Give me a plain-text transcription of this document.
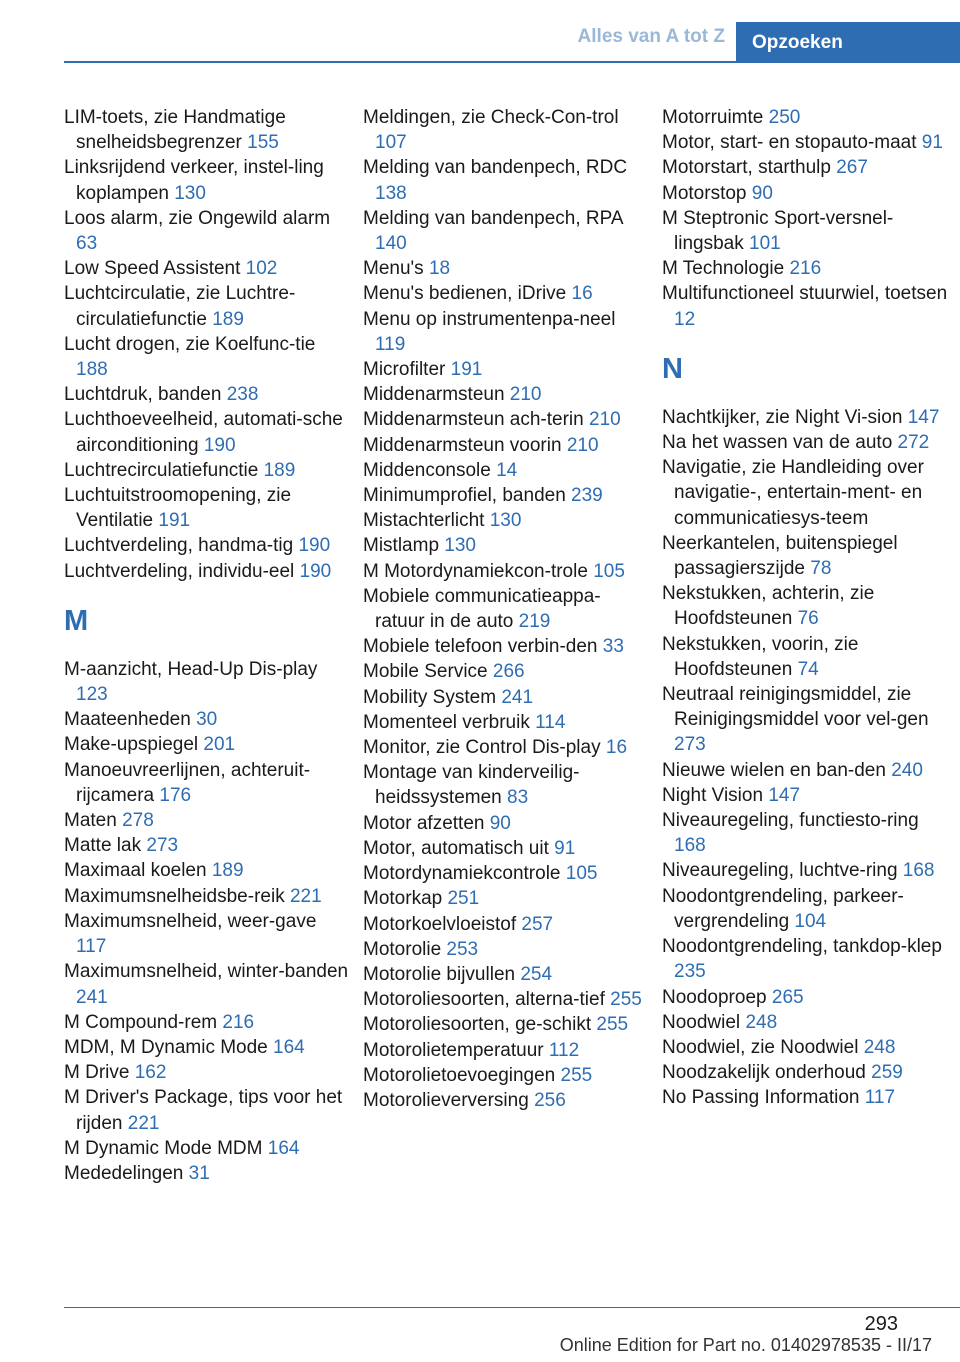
Alles van A tot Z	Opzoeken
LIM-toets, zie Handmatige snelheidsbegrenzer 155
Linksrijdend verkeer, instel-ling koplampen 130
Loos alarm, zie Ongewild alarm 63
Low Speed Assistent 102
Luchtcirculatie, zie Luchtre-circulatiefunctie 189
Lucht drogen, zie Koelfunc-tie 188
Luchtdruk, banden 238
Luchthoeveelheid, automati-sche airconditioning 190
Luchtrecirculatiefunctie 189
Luchtuitstroomopening, zie Ventilatie 191
Luchtverdeling, handma-tig 190
Luchtverdeling, individu-eel 190
M
M-aanzicht, Head-Up Dis-play 123
Maateenheden 30
Make-upspiegel 201
Manoeuvreerlijnen, achteruit-rijcamera 176
Maten 278
Matte lak 273
Maximaal koelen 189
Maximumsnelheidsbe-reik 221
Maximumsnelheid, weer-gave 117
Maximumsnelheid, winter-banden 241
M Compound-rem 216
MDM, M Dynamic Mode 164
M Drive 162
M Driver's Package, tips voor het rijden 221
M Dynamic Mode MDM 164
Mededelingen 31
Meldingen, zie Check-Con-trol 107
Melding van bandenpech, RDC 138
Melding van bandenpech, RPA 140
Menu's 18
Menu's bedienen, iDrive 16
Menu op instrumentenpa-neel 119
Microfilter 191
Middenarmsteun 210
Middenarmsteun ach-terin 210
Middenarmsteun voorin 210
Middenconsole 14
Minimumprofiel, banden 239
Mistachterlicht 130
Mistlamp 130
M Motordynamiekcon-trole 105
Mobiele communicatieappa-ratuur in de auto 219
Mobiele telefoon verbin-den 33
Mobile Service 266
Mobility System 241
Momenteel verbruik 114
Monitor, zie Control Dis-play 16
Montage van kinderveilig-heidssystemen 83
Motor afzetten 90
Motor, automatisch uit 91
Motordynamiekcontrole 105
Motorkap 251
Motorkoelvloeistof 257
Motorolie 253
Motorolie bijvullen 254
Motoroliesoorten, alterna-tief 255
Motoroliesoorten, ge-schikt 255
Motorolietemperatuur 112
Motorolietoevoegingen 255
Motorolieverversing 256
Motorruimte 250
Motor, start- en stopauto-maat 91
Motorstart, starthulp 267
Motorstop 90
M Steptronic Sport-versnel-lingsbak 101
M Technologie 216
Multifunctioneel stuurwiel, toetsen 12
N
Nachtkijker, zie Night Vi-sion 147
Na het wassen van de auto 272
Navigatie, zie Handleiding over navigatie-, entertain-ment- en communicatiesys-teem
Neerkantelen, buitenspiegel passagierszijde 78
Nekstukken, achterin, zie Hoofdsteunen 76
Nekstukken, voorin, zie Hoofdsteunen 74
Neutraal reinigingsmiddel, zie Reinigingsmiddel voor vel-gen 273
Nieuwe wielen en ban-den 240
Night Vision 147
Niveauregeling, functiesto-ring 168
Niveauregeling, luchtve-ring 168
Noodontgrendeling, parkeer-vergrendeling 104
Noodontgrendeling, tankdop-klep 235
Noodoproep 265
Noodwiel 248
Noodwiel, zie Noodwiel 248
Noodzakelijk onderhoud 259
No Passing Information 117
293
Online Edition for Part no. 01402978535 - II/17
